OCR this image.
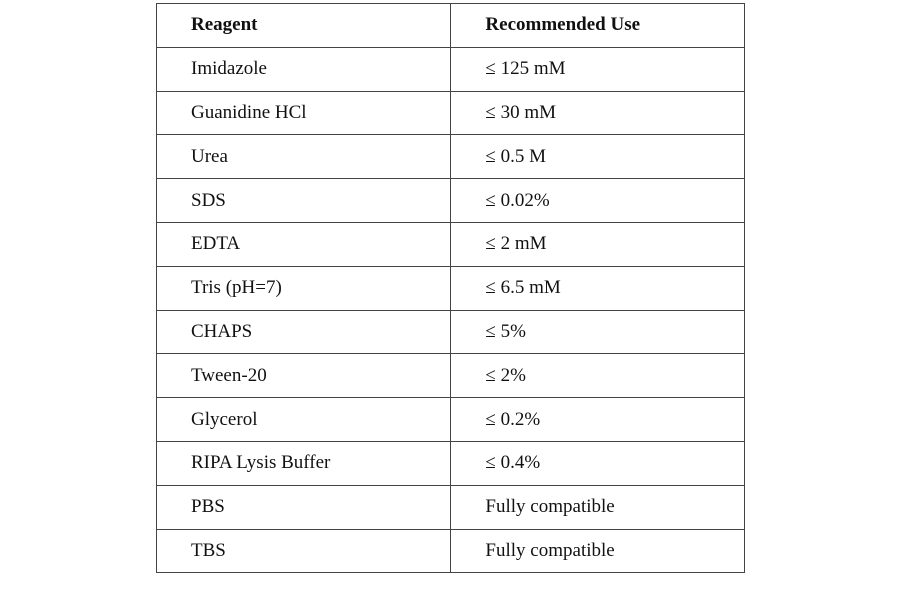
Reagent	Recommended Use
Imidazole	≤ 125 mM
Guanidine HCl	≤ 30 mM
Urea	≤ 0.5 M
SDS	≤ 0.02%
EDTA	≤ 2 mM
Tris (pH=7)	≤ 6.5 mM
CHAPS	≤ 5%
Tween-20	≤ 2%
Glycerol	≤ 0.2%
RIPA Lysis Buffer	≤ 0.4%
PBS	Fully compatible
TBS	Fully compatible
